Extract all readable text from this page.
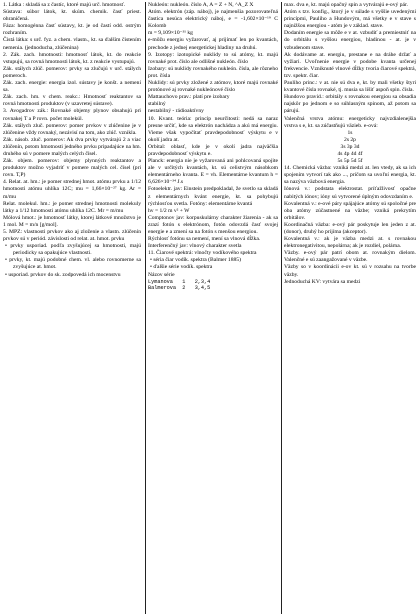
1. Látka : skladá sa z častíc, ktoré majú urč. hmotnosť.

Sústava: súbor látok, kt. skúm. chemik. časť priest. ohraničená.

Fáza: homogénna časť sústavy, kt. je od častí odd. ostrým rozhraním.

Čistá látka: s urč. fyz. a chem. vlastn., kt. sa ďalším čistením nemenia. (jednoducha, zlúčenina)

2. Zák. zach. hmotnosti: hmotnosť látok, kt. do reakcie vstupujú, sa rovná hmotnosti látok, kt. z reakcie vystupujú.

Zák. stálych zlúč. pomerov: prvky sa zlučujú v urč. stálych pomeroch.

Zák. zach. energie: energia izol. sústavy je konšt. a nemení sa.

Zák. zach. hm. v chem. reakc.: Hmotnosť reaktantov sa rovná hmotnosti produktov (v uzavretej sústave).

3. Avogadrov zák.: Rovnaké objemy plynov obsahujú pri rovnakej T a P rovn. počet molekúl.

Zák. stálych zluč. pomerov: pomer prvkov v zlúčenine je v zlúčenine vždy rovnaký, nezávisí na tom, ako zlúč. vznikla.

Zák. násob. zluč. pomerov: Ak dva prvky vytvárajú 2 a viac zlúčenín, potom hmotnosti jedného prvku pripadajúce na hm. druhého sú v pomere malých celých čísel.

Zák. objem. pomerov: objemy plynných reaktantov a produktov možno vyjadriť v pomere malých cel. čísel (pri rovn. T,P)

4. Relat. at. hm.: je pomer strednej hmot. atómu prvku a 1/12 hmotnosti atómu uhlíka 12C; mu = 1,66×10⁻²⁷ kg. Ar = m/mu

Relat. molekul. hm.: je pomer strednej hmotnosti molekuly látky a 1/12 hmotnosti atómu uhlíka 12C. Mr = m/mu

Mólová hmot.: je hmotnosť látky, ktorej látkové množstvo je 1 mol. M = m/n [g/mol].

5. MPZ: vlastnosti prvkov ako aj zloženie a vlastn. zlúčenín prvkov sú v periód. závislosti od relat. at. hmot. prvku

• prvky usporiad. podľa zvyšujúcej sa hmotnosti, majú periodicky sa opakujúce vlastnosti.

• prvky, kt. majú podobné chem. vl. alebo rovnomerne sa zvyšujúce at. hmot.

• usporiad. prvkov do sk. zodpovedá ich mocenstvu

Nukleón: nukleón. číslo A, A = Z + N, ^A_Z X

Atóm. elektrón (záp. náboj), je najmenšia pozorovateľná častica nesúca elektrický náboj, e = -1,602×10⁻¹⁹ C Kolomb

m = 9,109×10⁻³¹ kg

e-môžu energiu vyžarovať, aj prijímať len po kvantách, prechode z jednej energetickej hladiny na druhú.

9. Izotopy: izotopické nuklidy to sú atómy, kt. majú rovnaké prot. číslo ale odlišné nukleón. číslo

Izobary: sú nuklidy rovnakého nukleón. čísla, ale rôzneho prot. čísla

Nuklidy: sú prvky zložené z atómov, ktoré majú rovnaké protónové aj rovnaké nukleónové číslo

Mattauchovo prav.: platí pre izobary

stabilný

nestabilný - rádioaktívny

10. Kvant. teória: princíp neurčitosti: nedá sa naraz presne určiť, kde sa elektrón nachádza a akú má energiu. Vieme však vypočítať pravdepodobnosť výskytu e v okolí jadra at.

Orbital: oblasť, kde je v okolí jadra najväčšia pravdepodobnosť výskytu e.

Planck: energia nie je vyžarovaná ani pohlcovaná spojite ale v určitých kvantách, kt. sú celistvým násobkom elementárneho kvanta. E = vh. Elementárne kvantum h = 6,626×10⁻³⁴ J.s

Fotoelektr. jav: Einstein predpokladal, že svetlo sa skladá z elementárnych kvánt energie, kt. sa pohybujú rýchlosťou svetla. Fotóny: elementárne kvantá

hv = 1/2 m v² + W

Comptonov jav: korpuskulárny charakter žiarenia - ak sa zrazí fotón s elektrónom, fotón odovzdá časť svojej energie e a zmení sa na fotón s menšou energiou.

Rýchlosť fotónu sa nemení, mení sa vlnová dĺžka.

Interferenčný jav: vlnový charakter svetla

11. Čiarové spektrá: vlnočty vodíkového spektra

• séria čiar vodík. spektra (Balmer 1885)

• ďalšie série vodík. spektra

Názov série

Lymanova   1   2,3,4

Balmerova  2   3,4,5

max. dva e, kt. majú opačný spin a vytvárajú e-ový pár.

Atóm s tzv. konfig., ktorý je v súlade s vyššie uvedenými princípmi, Pauliho a Hundovým, má všetky e v stave s najnižšou energiou - atóm je v základ. stave.

Dodaním energie sa môže e v at. vzbudiť a premiestniť na do orbitálu s vyššou energiou, hladinou - at. je v vzbudenom stave.

Ak dodávame at. energiu, prestane e na dráhe držať a vyžiari. Uvoľnenie energie v podobe kvanta určenej frekvencie. Vzniknuté vlnové dĺžky tvoria čiarové spektrá, tzv. spektr. čiar.

Pauliho princ.: v at. nie sú dva e, kt. by mali všetky štyri kvantové čísla rovnaké, tj. musia sa líšiť aspoň spin. čísla.

Hundovo pravid.: orbitály s rovnakou energiou sa obsadia najskôr po jednom e so súhlasným spinom, až potom sa párujú.

Valenčná vrstva atómu: energeticky najvzdialenejšia vrstva s e, kt. sa zúčastňujú väzieb. e-ová:

1s

2s 2p

3s 3p 3d

4s 4p 4d 4f

5s 5p 5d 5f

14. Chemická väzba: vzniká medzi at. len vtedy, ak sa ich spojením vytvorí tak ako ..., pričom sa uvoľní energia, kt. sa nazýva väzbová energia.

Iónová v.: podstata elektrostat. príťažlivosť opačne nabitých iónov; ióny sú vytvorené úplným odovzdaním e.

Kovalentná v.: e-ové páry spájajúce atómy sú spoločné pre oba atómy zúčastnené na väzbe; vzniká prekrytím orbitálov.

Koordinačná väzba: e-ový pár poskytuje len jeden z at. (donor), druhý ho prijíma (akceptor).

Kovalentná v.: ak je väzba medzi at. s rovnakou elektronegativitou, nepolárna; ak je rozdiel, polárna.

Väzby. e-ový pár patrí obom at. rovnakým dielom. Valenčné e sú zaangažované v väzbe.

Väzby so v koordinácii e-ov kt. sú v rozsahu na tvorbe väzby.

Jednoduchá KV: vytvára sa medzi
